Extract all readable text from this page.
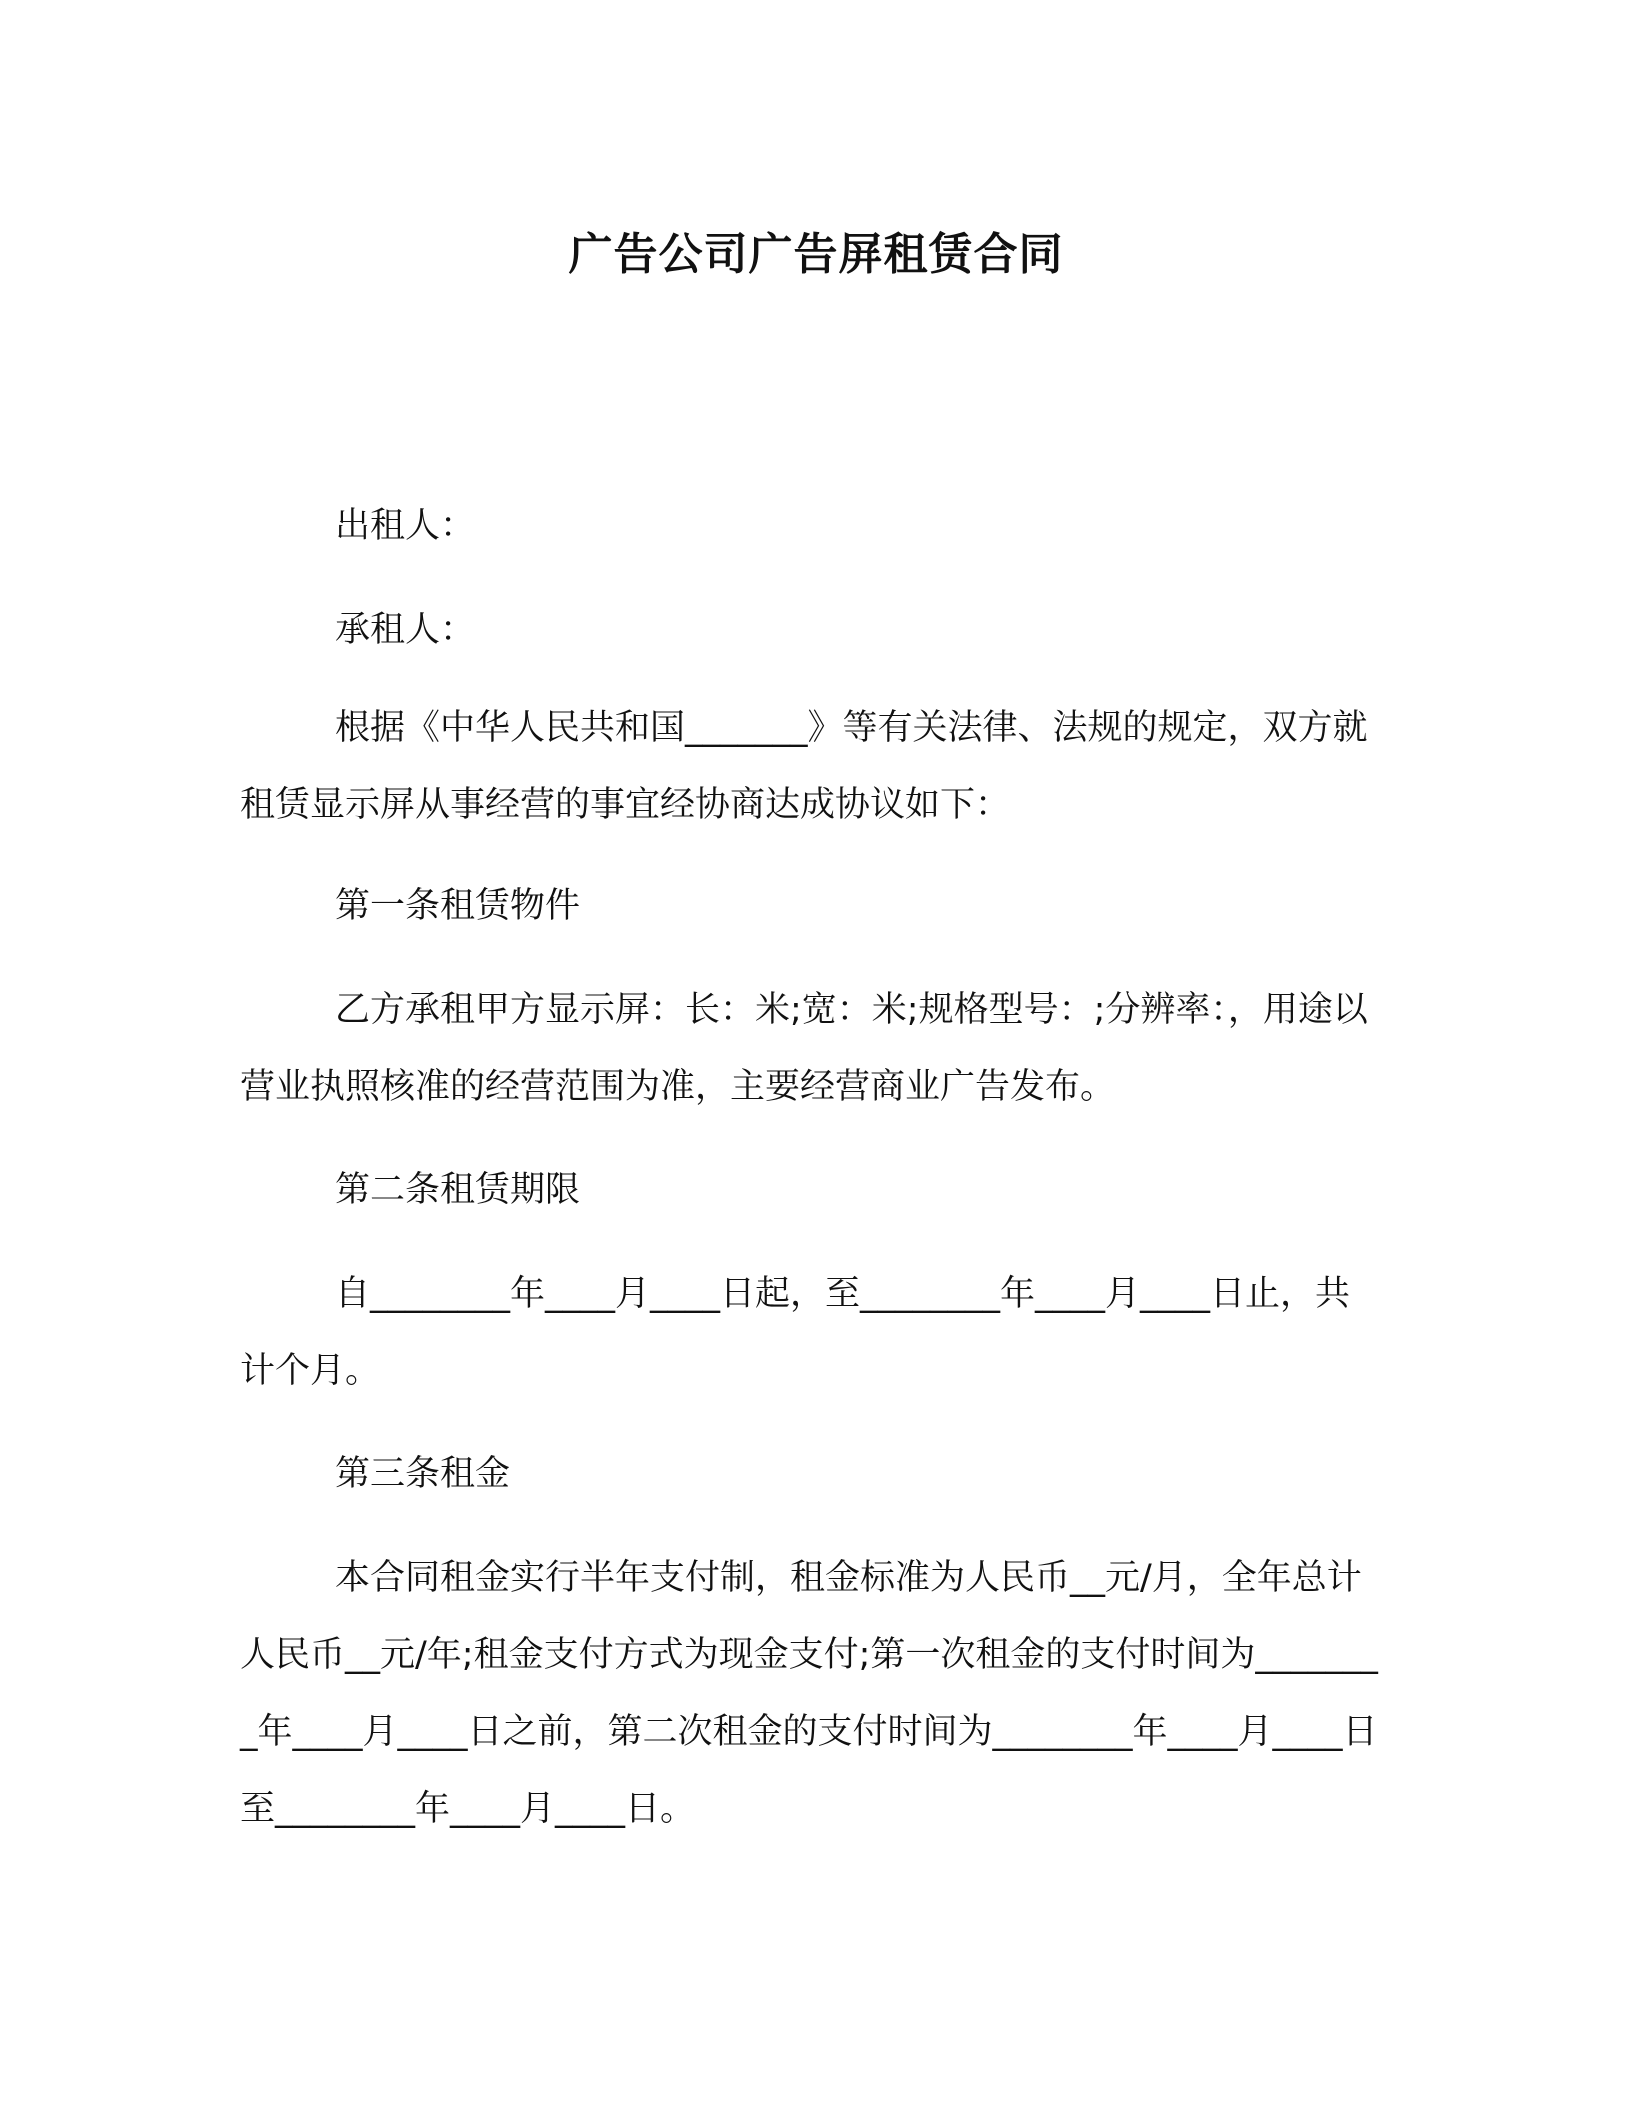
广告公司广告屏租赁合同

出租人：

承租人：

根据《中华人民共和国_______》等有关法律、法规的规定，双方就租赁显示屏从事经营的事宜经协商达成协议如下：

第一条租赁物件

乙方承租甲方显示屏：长：米;宽：米;规格型号：;分辨率：，用途以营业执照核准的经营范围为准，主要经营商业广告发布。

第二条租赁期限

自________年____月____日起，至________年____月____日止，共计个月。

第三条租金

本合同租金实行半年支付制，租金标准为人民币__元/月，全年总计人民币__元/年;租金支付方式为现金支付;第一次租金的支付时间为________年____月____日之前，第二次租金的支付时间为________年____月____日至________年____月____日。
